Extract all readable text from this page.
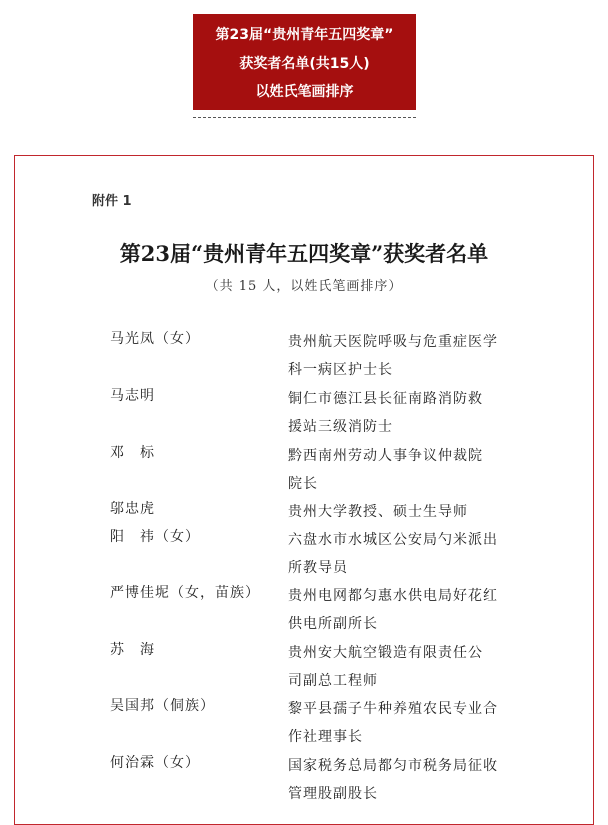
第23届“贵州青年五四奖章”
获奖者名单(共15人)
以姓氏笔画排序
附件 1
第23届“贵州青年五四奖章”获奖者名单
（共 15 人，以姓氏笔画排序）
马光凤（女）	贵州航天医院呼吸与危重症医学
科一病区护士长
马志明	铜仁市德江县长征南路消防救
援站三级消防士
邓　标	黔西南州劳动人事争议仲裁院
院长
邬忠虎	贵州大学教授、硕士生导师
阳　祎（女）	六盘水市水城区公安局勺米派出
所教导员
严博佳坭（女，苗族） 贵州电网都匀惠水供电局好花红
供电所副所长
苏　海	贵州安大航空锻造有限责任公
司副总工程师
吴国邦（侗族）	黎平县孺子牛种养殖农民专业合
作社理事长
何治霖（女）	国家税务总局都匀市税务局征收
管理股副股长
